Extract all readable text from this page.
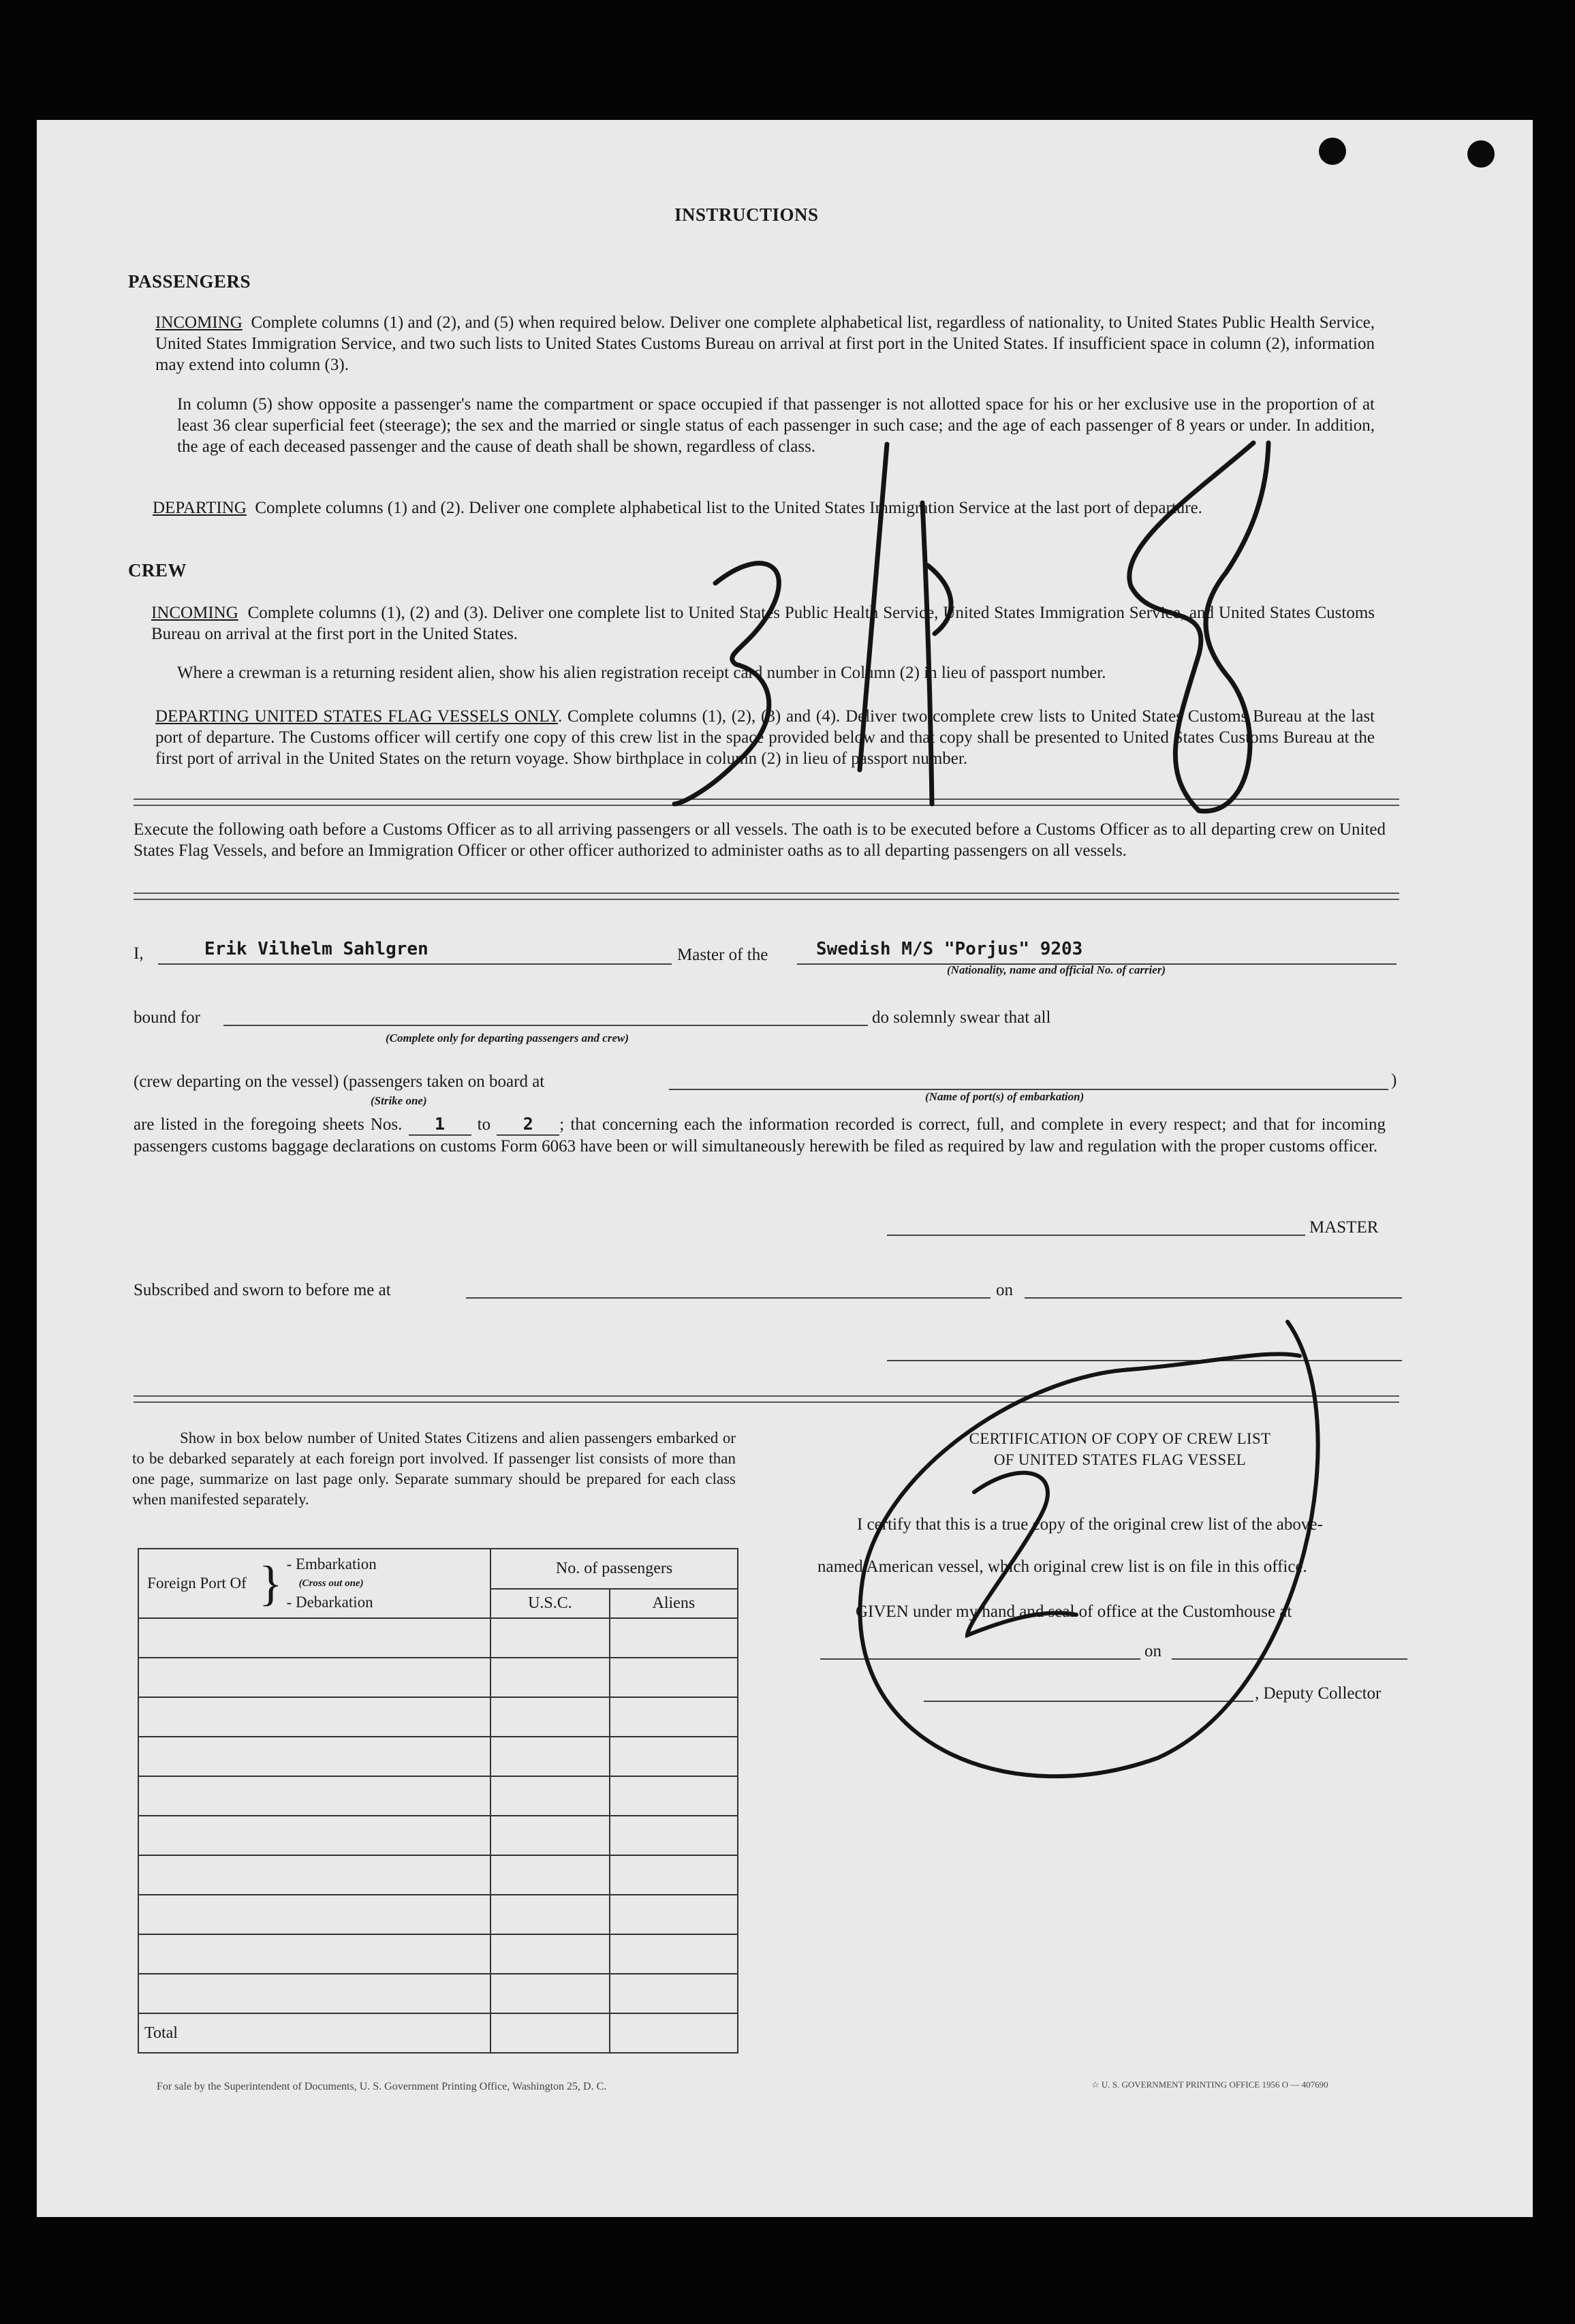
INSTRUCTIONS
PASSENGERS
INCOMING Complete columns (1) and (2), and (5) when required below. Deliver one complete alphabetical list, regardless of nationality, to United States Public Health Service, United States Immigration Service, and two such lists to United States Customs Bureau on arrival at first port in the United States. If insufficient space in column (2), information may extend into column (3).
In column (5) show opposite a passenger's name the compartment or space occupied if that passenger is not allotted space for his or her exclusive use in the proportion of at least 36 clear superficial feet (steerage); the sex and the married or single status of each passenger in such case; and the age of each passenger of 8 years or under. In addition, the age of each deceased passenger and the cause of death shall be shown, regardless of class.
DEPARTING Complete columns (1) and (2). Deliver one complete alphabetical list to the United States Immigration Service at the last port of departure.
CREW
INCOMING Complete columns (1), (2) and (3). Deliver one complete list to United States Public Health Service, United States Immigration Service, and United States Customs Bureau on arrival at the first port in the United States.
Where a crewman is a returning resident alien, show his alien registration receipt card number in Column (2) in lieu of passport number.
DEPARTING UNITED STATES FLAG VESSELS ONLY. Complete columns (1), (2), (3) and (4). Deliver two complete crew lists to United States Customs Bureau at the last port of departure. The Customs officer will certify one copy of this crew list in the space provided below and that copy shall be presented to United States Customs Bureau at the first port of arrival in the United States on the return voyage. Show birthplace in column (2) in lieu of passport number.
Execute the following oath before a Customs Officer as to all arriving passengers or all vessels. The oath is to be executed before a Customs Officer as to all departing crew on United States Flag Vessels, and before an Immigration Officer or other officer authorized to administer oaths as to all departing passengers on all vessels.
I,	Erik Vilhelm Sahlgren	Master of the	Swedish M/S "Porjus" 9203
(Nationality, name and official No. of carrier)
bound for
(Complete only for departing passengers and crew)
do solemnly swear that all
(crew departing on the vessel) (passengers taken on board at	)
(Strike one)	(Name of port(s) of embarkation)
are listed in the foregoing sheets Nos. 1 to 2 ; that concerning each the information recorded is correct, full, and complete in every respect; and that for incoming passengers customs baggage declarations on customs Form 6063 have been or will simultaneously herewith be filed as required by law and regulation with the proper customs officer.
MASTER
Subscribed and sworn to before me at	on
Show in box below number of United States Citizens and alien passengers embarked or to be debarked separately at each foreign port involved. If passenger list consists of more than one page, summarize on last page only. Separate summary should be prepared for each class when manifested separately.
Foreign Port Of } - Embarkation
(Cross out one)
- Debarkation	No. of passengers	
	U.S.C.	Aliens

Total		
CERTIFICATION OF COPY OF CREW LIST
OF UNITED STATES FLAG VESSEL
I certify that this is a true copy of the original crew list of the above-
named American vessel, which original crew list is on file in this office.
GIVEN under my hand and seal of office at the Customhouse at
on
, Deputy Collector
For sale by the Superintendent of Documents, U. S. Government Printing Office, Washington 25, D. C.	☆ U. S. GOVERNMENT PRINTING OFFICE 1956 O — 407690
